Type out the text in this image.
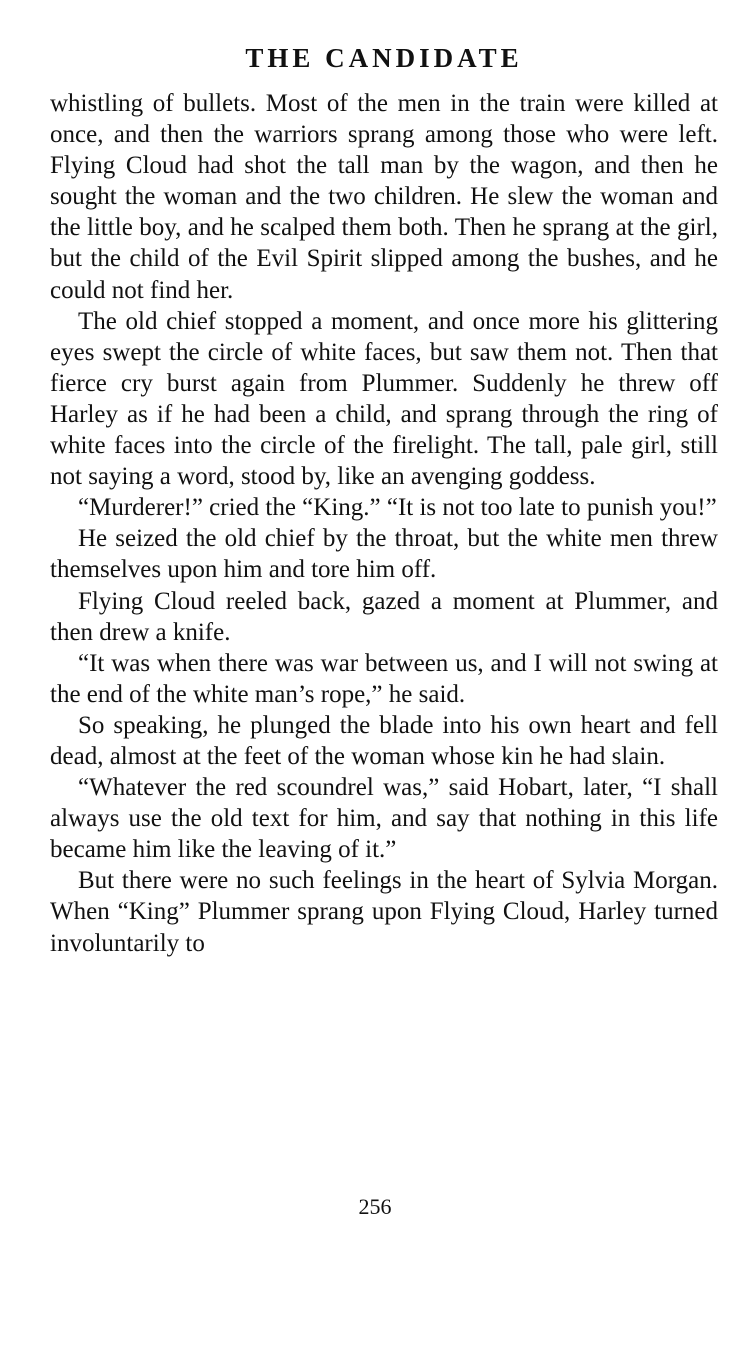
THE CANDIDATE

whistling of bullets. Most of the men in the train were killed at once, and then the warriors sprang among those who were left. Flying Cloud had shot the tall man by the wagon, and then he sought the woman and the two children. He slew the woman and the little boy, and he scalped them both. Then he sprang at the girl, but the child of the Evil Spirit slipped among the bushes, and he could not find her.

The old chief stopped a moment, and once more his glittering eyes swept the circle of white faces, but saw them not. Then that fierce cry burst again from Plummer. Suddenly he threw off Harley as if he had been a child, and sprang through the ring of white faces into the circle of the firelight. The tall, pale girl, still not saying a word, stood by, like an avenging goddess.

“Murderer!” cried the “King.” “It is not too late to punish you!”

He seized the old chief by the throat, but the white men threw themselves upon him and tore him off.

Flying Cloud reeled back, gazed a moment at Plummer, and then drew a knife.

“It was when there was war between us, and I will not swing at the end of the white man’s rope,” he said.

So speaking, he plunged the blade into his own heart and fell dead, almost at the feet of the woman whose kin he had slain.

“Whatever the red scoundrel was,” said Hobart, later, “I shall always use the old text for him, and say that nothing in this life became him like the leaving of it.”

But there were no such feelings in the heart of Sylvia Morgan. When “King” Plummer sprang upon Flying Cloud, Harley turned involuntarily to

256
